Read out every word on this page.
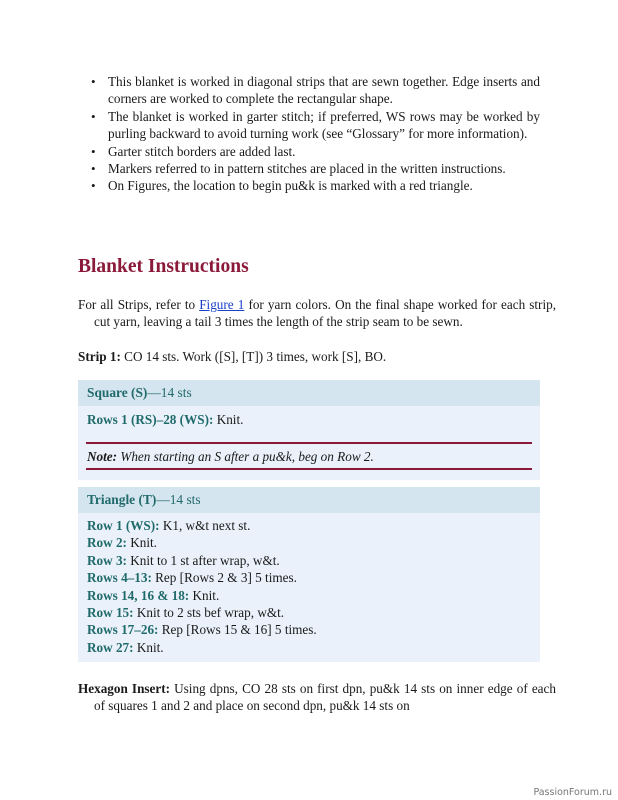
• This blanket is worked in diagonal strips that are sewn together. Edge inserts and corners are worked to complete the rectangular shape.
• The blanket is worked in garter stitch; if preferred, WS rows may be worked by purling backward to avoid turning work (see “Glossary” for more information).
• Garter stitch borders are added last.
• Markers referred to in pattern stitches are placed in the written instructions.
• On Figures, the location to begin pu&k is marked with a red triangle.
Blanket Instructions

For all Strips, refer to Figure 1 for yarn colors. On the final shape worked for each strip, cut yarn, leaving a tail 3 times the length of the strip seam to be sewn.

Strip 1: CO 14 sts. Work ([S], [T]) 3 times, work [S], BO.

Square (S)—14 sts
Rows 1 (RS)–28 (WS): Knit.
Note: When starting an S after a pu&k, beg on Row 2.
Triangle (T)—14 sts
Row 1 (WS): K1, w&t next st.
Row 2: Knit.
Row 3: Knit to 1 st after wrap, w&t.
Rows 4–13: Rep [Rows 2 & 3] 5 times.
Rows 14, 16 & 18: Knit.
Row 15: Knit to 2 sts bef wrap, w&t.
Rows 17–26: Rep [Rows 15 & 16] 5 times.
Row 27: Knit.

Hexagon Insert: Using dpns, CO 28 sts on first dpn, pu&k 14 sts on inner edge of each of squares 1 and 2 and place on second dpn, pu&k 14 sts on

PassionForum.ru
